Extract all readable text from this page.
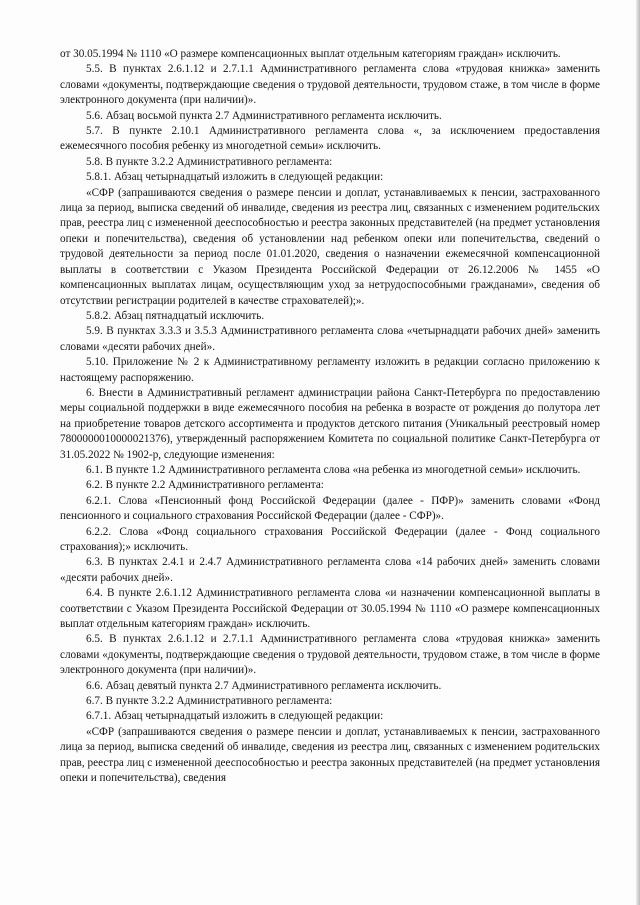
от 30.05.1994 № 1110 «О размере компенсационных выплат отдельным категориям граждан» исключить.

5.5. В пунктах 2.6.1.12 и 2.7.1.1 Административного регламента слова «трудовая книжка» заменить словами «документы, подтверждающие сведения о трудовой деятельности, трудовом стаже, в том числе в форме электронного документа (при наличии)».

5.6. Абзац восьмой пункта 2.7 Административного регламента исключить.

5.7. В пункте 2.10.1 Административного регламента слова «, за исключением предоставления ежемесячного пособия ребенку из многодетной семьи» исключить.

5.8. В пункте 3.2.2 Административного регламента:

5.8.1. Абзац четырнадцатый изложить в следующей редакции:

«СФР (запрашиваются сведения о размере пенсии и доплат, устанавливаемых к пенсии, застрахованного лица за период, выписка сведений об инвалиде, сведения из реестра лиц, связанных с изменением родительских прав, реестра лиц с измененной дееспособностью и реестра законных представителей (на предмет установления опеки и попечительства), сведения об установлении над ребенком опеки или попечительства, сведений о трудовой деятельности за период после 01.01.2020, сведения о назначении ежемесячной компенсационной выплаты в соответствии с Указом Президента Российской Федерации от 26.12.2006 № 1455 «О компенсационных выплатах лицам, осуществляющим уход за нетрудоспособными гражданами», сведения об отсутствии регистрации родителей в качестве страхователей);».

5.8.2. Абзац пятнадцатый исключить.

5.9. В пунктах 3.3.3 и 3.5.3 Административного регламента слова «четырнадцати рабочих дней» заменить словами «десяти рабочих дней».

5.10. Приложение № 2 к Административному регламенту изложить в редакции согласно приложению к настоящему распоряжению.

6. Внести в Административный регламент администрации района Санкт-Петербурга по предоставлению меры социальной поддержки в виде ежемесячного пособия на ребенка в возрасте от рождения до полутора лет на приобретение товаров детского ассортимента и продуктов детского питания (Уникальный реестровый номер 7800000010000021376), утвержденный распоряжением Комитета по социальной политике Санкт-Петербурга от 31.05.2022 № 1902-р, следующие изменения:

6.1. В пункте 1.2 Административного регламента слова «на ребенка из многодетной семьи» исключить.

6.2. В пункте 2.2 Административного регламента:

6.2.1. Слова «Пенсионный фонд Российской Федерации (далее - ПФР)» заменить словами «Фонд пенсионного и социального страхования Российской Федерации (далее - СФР)».

6.2.2. Слова «Фонд социального страхования Российской Федерации (далее - Фонд социального страхования);» исключить.

6.3. В пунктах 2.4.1 и 2.4.7 Административного регламента слова «14 рабочих дней» заменить словами «десяти рабочих дней».

6.4. В пункте 2.6.1.12 Административного регламента слова «и назначении компенсационной выплаты в соответствии с Указом Президента Российской Федерации от 30.05.1994 № 1110 «О размере компенсационных выплат отдельным категориям граждан» исключить.

6.5. В пунктах 2.6.1.12 и 2.7.1.1 Административного регламента слова «трудовая книжка» заменить словами «документы, подтверждающие сведения о трудовой деятельности, трудовом стаже, в том числе в форме электронного документа (при наличии)».

6.6. Абзац девятый пункта 2.7 Административного регламента исключить.

6.7. В пункте 3.2.2 Административного регламента:

6.7.1. Абзац четырнадцатый изложить в следующей редакции:

«СФР (запрашиваются сведения о размере пенсии и доплат, устанавливаемых к пенсии, застрахованного лица за период, выписка сведений об инвалиде, сведения из реестра лиц, связанных с изменением родительских прав, реестра лиц с измененной дееспособностью и реестра законных представителей (на предмет установления опеки и попечительства), сведения
